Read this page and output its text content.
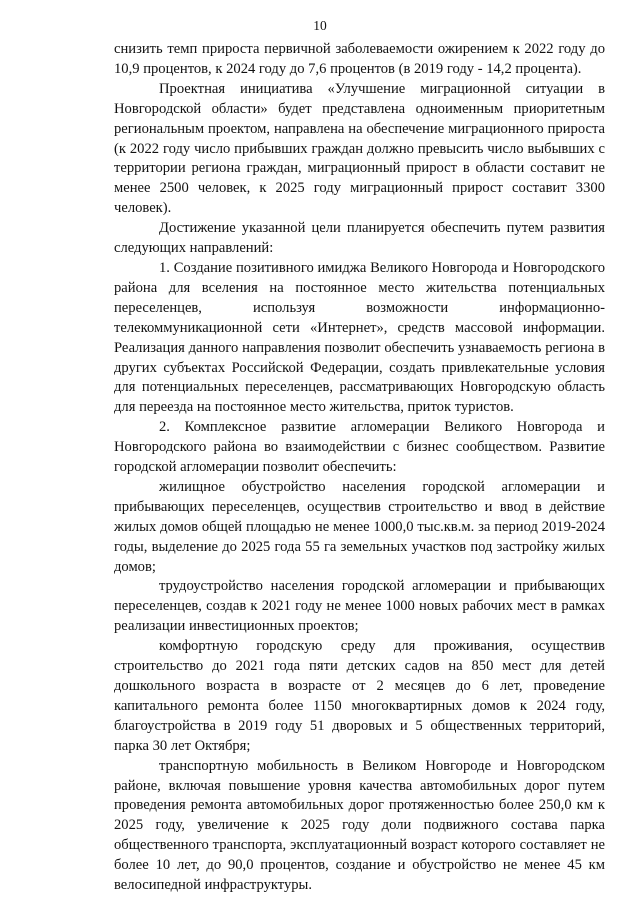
10

снизить темп прироста первичной заболеваемости ожирением к 2022 году до 10,9 процентов, к 2024 году до 7,6 процентов (в 2019 году - 14,2 процента).

Проектная инициатива «Улучшение миграционной ситуации в Новгородской области» будет представлена одноименным приоритетным региональным проектом, направлена на обеспечение миграционного прироста (к 2022 году число прибывших граждан должно превысить число выбывших с территории региона граждан, миграционный прирост в области составит не менее 2500 человек, к 2025 году миграционный прирост составит 3300 человек).

Достижение указанной цели планируется обеспечить путем развития следующих направлений:

1. Создание позитивного имиджа Великого Новгорода и Новгородского района для вселения на постоянное место жительства потенциальных переселенцев, используя возможности информационно-телекоммуникационной сети «Интернет», средств массовой информации. Реализация данного направления позволит обеспечить узнаваемость региона в других субъектах Российской Федерации, создать привлекательные условия для потенциальных переселенцев, рассматривающих Новгородскую область для переезда на постоянное место жительства, приток туристов.

2. Комплексное развитие агломерации Великого Новгорода и Новгородского района во взаимодействии с бизнес сообществом. Развитие городской агломерации позволит обеспечить:

жилищное обустройство населения городской агломерации и прибывающих переселенцев, осуществив строительство и ввод в действие жилых домов общей площадью не менее 1000,0 тыс.кв.м. за период 2019-2024 годы, выделение до 2025 года 55 га земельных участков под застройку жилых домов;

трудоустройство населения городской агломерации и прибывающих переселенцев, создав к 2021 году не менее 1000 новых рабочих мест в рамках реализации инвестиционных проектов;

комфортную городскую среду для проживания, осуществив строительство до 2021 года пяти детских садов на 850 мест для детей дошкольного возраста в возрасте от 2 месяцев до 6 лет, проведение капитального ремонта более 1150 многоквартирных домов к 2024 году, благоустройства в 2019 году 51 дворовых и 5 общественных территорий, парка 30 лет Октября;

транспортную мобильность в Великом Новгороде и Новгородском районе, включая повышение уровня качества автомобильных дорог путем проведения ремонта автомобильных дорог протяженностью более 250,0 км к 2025 году, увеличение к 2025 году доли подвижного состава парка общественного транспорта, эксплуатационный возраст которого составляет не более 10 лет, до 90,0 процентов, создание и обустройство не менее 45 км велосипедной инфраструктуры.
